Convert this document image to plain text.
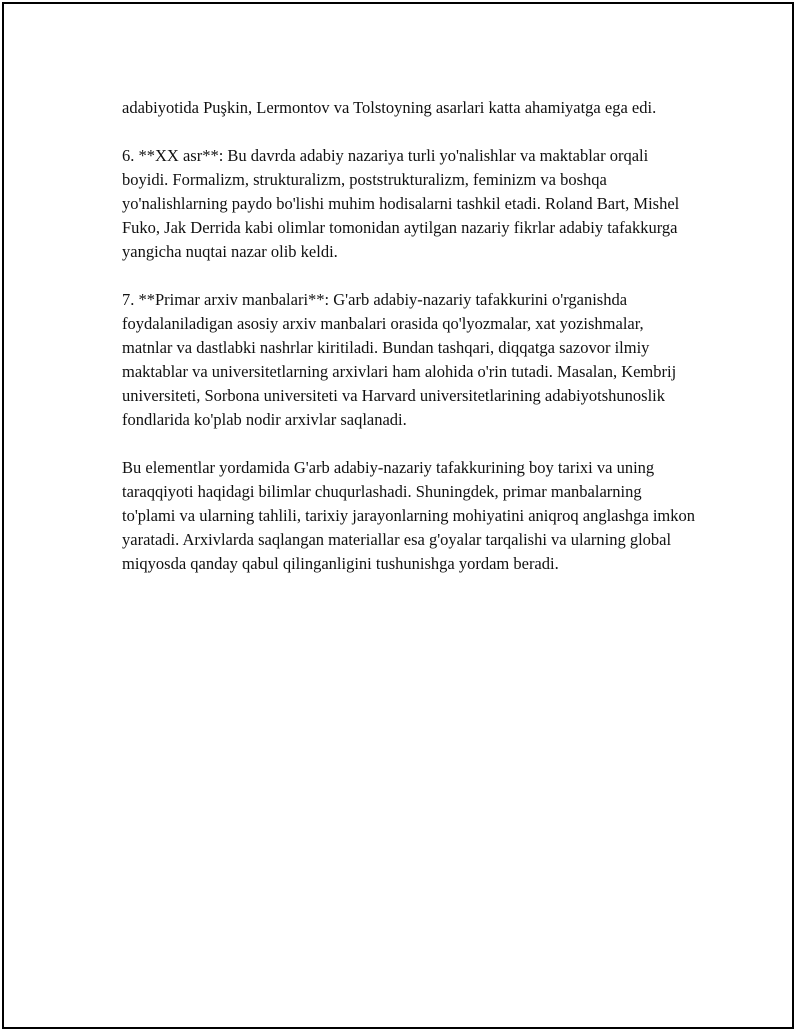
adabiyotida Puşkin, Lermontov va Tolstoyning asarlari katta ahamiyatga ega edi.

6. **XX asr**: Bu davrda adabiy nazariya turli yo'nalishlar va maktablar orqali boyidi. Formalizm, strukturalizm, poststrukturalizm, feminizm va boshqa yo'nalishlarning paydo bo'lishi muhim hodisalarni tashkil etadi. Roland Bart, Mishel Fuko, Jak Derrida kabi olimlar tomonidan aytilgan nazariy fikrlar adabiy tafakkurga yangicha nuqtai nazar olib keldi.

7. **Primar arxiv manbalari**: G'arb adabiy-nazariy tafakkurini o'rganishda foydalaniladigan asosiy arxiv manbalari orasida qo'lyozmalar, xat yozishmalar, matnlar va dastlabki nashrlar kiritiladi. Bundan tashqari, diqqatga sazovor ilmiy maktablar va universitetlarning arxivlari ham alohida o'rin tutadi. Masalan, Kembrij universiteti, Sorbona universiteti va Harvard universitetlarining adabiyotshunoslik fondlarida ko'plab nodir arxivlar saqlanadi.

Bu elementlar yordamida G'arb adabiy-nazariy tafakkurining boy tarixi va uning taraqqiyoti haqidagi bilimlar chuqurlashadi. Shuningdek, primar manbalarning to'plami va ularning tahlili, tarixiy jarayonlarning mohiyatini aniqroq anglashga imkon yaratadi. Arxivlarda saqlangan materiallar esa g'oyalar tarqalishi va ularning global miqyosda qanday qabul qilinganligini tushunishga yordam beradi.
